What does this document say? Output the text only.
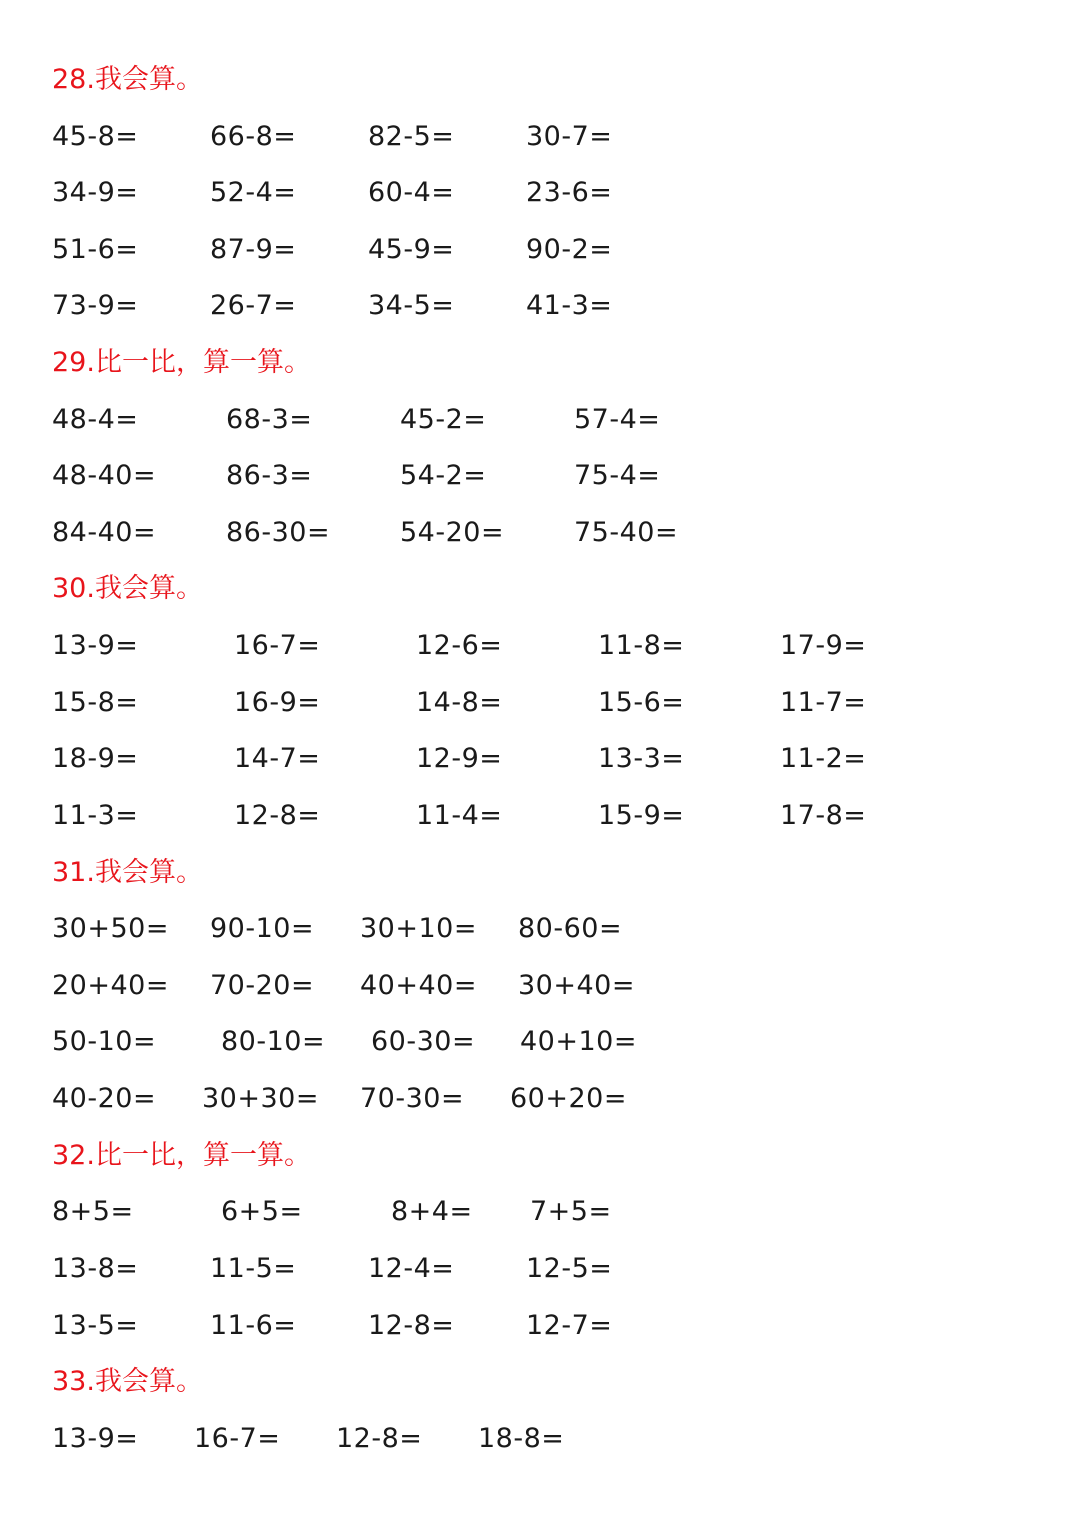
28.我会算。
45-8=	66-8=	82-5=	30-7=
34-9=	52-4=	60-4=	23-6=
51-6=	87-9=	45-9=	90-2=
73-9=	26-7=	34-5=	41-3=
29.比一比，算一算。
48-4=	68-3=	45-2=	57-4=
48-40=	86-3=	54-2=	75-4=
84-40=	86-30=	54-20=	75-40=
30.我会算。
13-9=	16-7=	12-6=	11-8=	17-9=
15-8=	16-9=	14-8=	15-6=	11-7=
18-9=	14-7=	12-9=	13-3=	11-2=
11-3=	12-8=	11-4=	15-9=	17-8=
31.我会算。
30+50= 90-10= 30+10= 80-60=
20+40= 70-20= 40+40= 30+40=
50-10= 80-10= 60-30= 40+10=
40-20= 30+30= 70-30= 60+20=
32.比一比，算一算。
8+5=	6+5=	8+4= 7+5=
13-8=	11-5=	12-4=	12-5=
13-5=	11-6=	12-8=	12-7=
33.我会算。
13-9= 16-7= 12-8= 18-8=
